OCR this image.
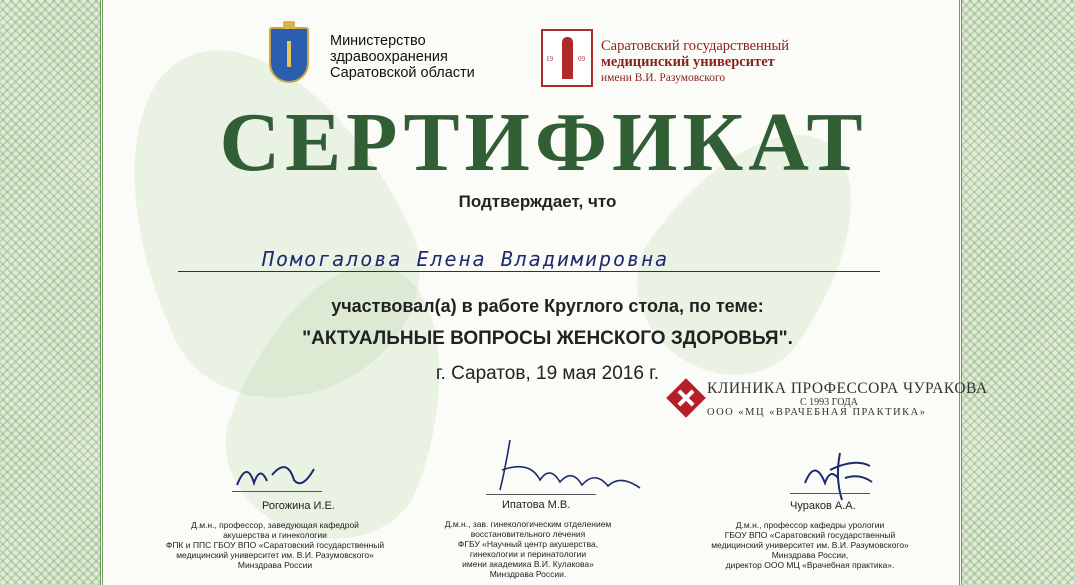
Министерство
здравоохранения
Саратовской области
19	09
Саратовский государственный
медицинский университет
имени В.И. Разумовского
СЕРТИФИКАТ
Подтверждает, что
Помогалова Елена Владимировна
участвовал(а) в работе Круглого стола, по теме:
"АКТУАЛЬНЫЕ ВОПРОСЫ ЖЕНСКОГО ЗДОРОВЬЯ".
г. Саратов, 19 мая 2016 г.
КЛИНИКА ПРОФЕССОРА ЧУРАКОВА
С 1993 ГОДА
ООО «МЦ «ВРАЧЕБНАЯ ПРАКТИКА»
Рогожина И.Е.
Д.м.н., профессор, заведующая кафедрой
акушерства и гинекологии
ФПК и ППС ГБОУ ВПО «Саратовский государственный
медицинский университет им. В.И. Разумовского»
Минздрава России
Ипатова М.В.
Д.м.н., зав. гинекологическим отделением
восстановительного лечения
ФГБУ «Научный центр акушерства,
гинекологии и перинатологии
имени академика В.И. Кулакова»
Минздрава России.
Чураков А.А.
Д.м.н., профессор кафедры урологии
ГБОУ ВПО «Саратовский государственный
медицинский университет им. В.И. Разумовского»
Минздрава России,
директор ООО МЦ «Врачебная практика».
